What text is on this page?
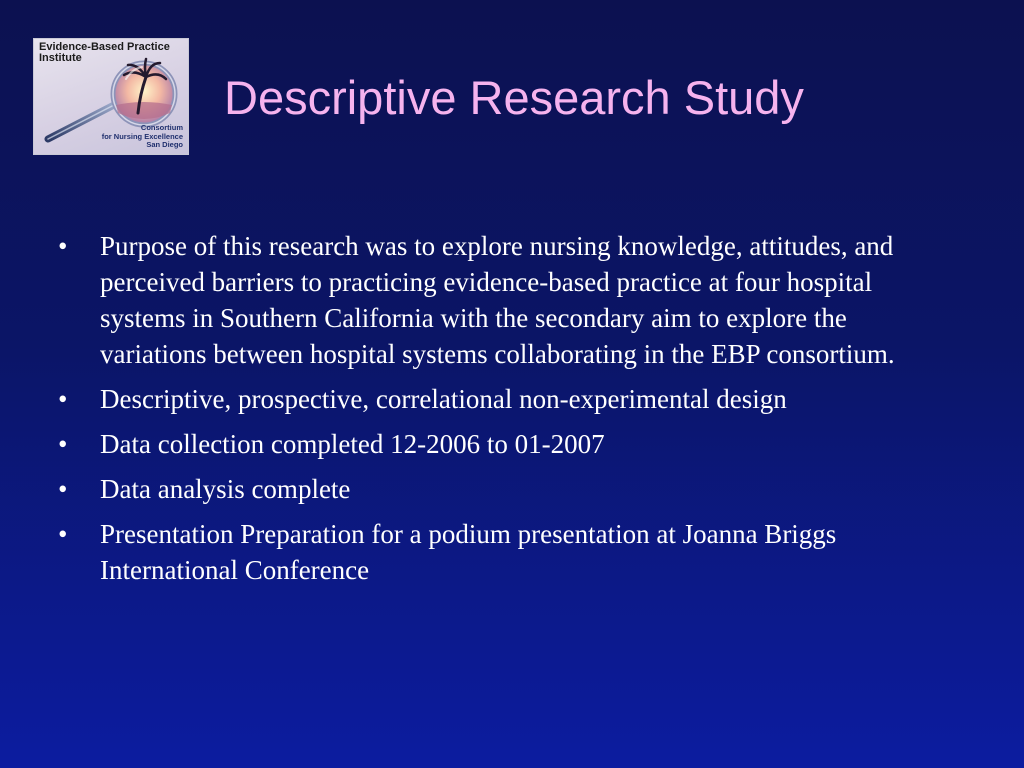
Evidence-Based Practice
Institute
Consortium
for Nursing Excellence
San Diego
Descriptive Research Study
• Purpose of this research was to explore nursing knowledge, attitudes, and perceived barriers to practicing evidence-based practice at four hospital systems in Southern California with the secondary aim to explore the variations between hospital systems collaborating in the EBP consortium.
• Descriptive, prospective, correlational non-experimental design
• Data collection completed 12-2006 to 01-2007
• Data analysis complete
• Presentation Preparation for a podium presentation at Joanna Briggs International Conference
